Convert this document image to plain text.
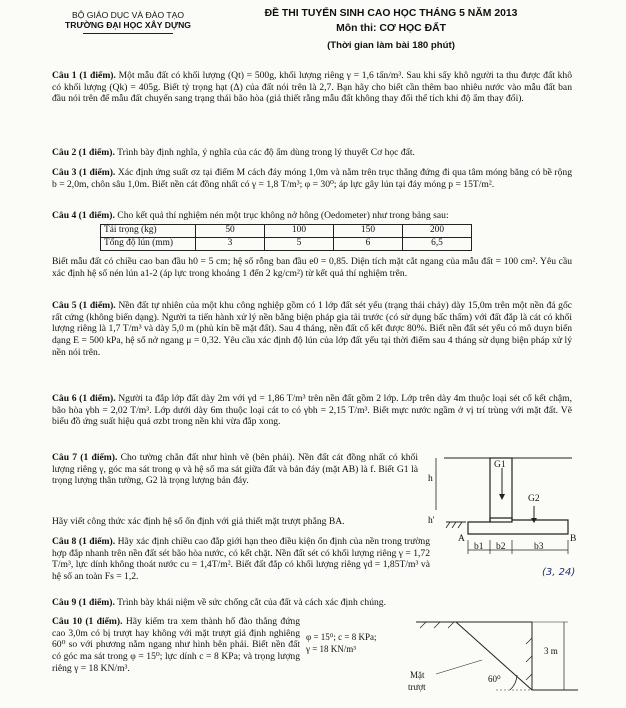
BỘ GIÁO DỤC VÀ ĐÀO TẠO
TRƯỜNG ĐẠI HỌC XÂY DỰNG
ĐỀ THI TUYỂN SINH CAO HỌC THÁNG 5 NĂM 2013
Môn thi: CƠ HỌC ĐẤT
(Thời gian làm bài 180 phút)
Câu 1 (1 điểm). Một mẫu đất có khối lượng (Qt) = 500g, khối lượng riêng γ = 1,6 tấn/m³. Sau khi sấy khô người ta thu được đất khô có khối lượng (Qk) = 405g. Biết tỷ trọng hạt (Δ) của đất nói trên là 2,7. Bạn hãy cho biết cần thêm bao nhiêu nước vào mẫu đất ban đầu nói trên để mẫu đất chuyển sang trạng thái bão hòa (giả thiết rằng mẫu đất không thay đổi thể tích khi độ ẩm thay đổi).
Câu 2 (1 điểm). Trình bày định nghĩa, ý nghĩa của các độ ẩm dùng trong lý thuyết Cơ học đất.
Câu 3 (1 điểm). Xác định ứng suất σz tại điểm M cách đáy móng 1,0m và nằm trên trục thẳng đứng đi qua tâm móng băng có bề rộng b = 2,0m, chôn sâu 1,0m. Biết nền cát đồng nhất có γ = 1,8 T/m³; φ = 30⁰; áp lực gây lún tại đáy móng p = 15T/m².
Câu 4 (1 điểm). Cho kết quả thí nghiệm nén một trục không nở hông (Oedometer) như trong bảng sau:
Tải trọng (kg)	50	100	150	200
Tổng độ lún (mm)	3	5	6	6,5
Biết mẫu đất có chiều cao ban đầu h0 = 5 cm; hệ số rỗng ban đầu e0 = 0,85. Diện tích mặt cắt ngang của mẫu đất = 100 cm². Yêu cầu xác định hệ số nén lún a1-2 (áp lực trong khoảng 1 đến 2 kg/cm²) từ kết quả thí nghiệm trên.
Câu 5 (1 điểm). Nền đất tự nhiên của một khu công nghiệp gồm có 1 lớp đất sét yếu (trạng thái chảy) dày 15,0m trên một nền đá gốc rất cứng (không biến dạng). Người ta tiến hành xử lý nền bằng biện pháp gia tải trước (có sử dụng bấc thấm) với đất đắp là cát có khối lượng riêng là 1,7 T/m³ và dày 5,0 m (phủ kín bề mặt đất). Sau 4 tháng, nền đất cố kết được 80%. Biết nền đất sét yếu có mô duyn biến dạng E = 500 kPa, hệ số nở ngang μ = 0,32. Yêu cầu xác định độ lún của lớp đất yếu tại thời điểm sau 4 tháng sử dụng biện pháp xử lý nền nói trên.
Câu 6 (1 điểm). Người ta đắp lớp đất dày 2m với γd = 1,86 T/m³ trên nền đất gồm 2 lớp. Lớp trên dày 4m thuộc loại sét cố kết chậm, bão hòa γbh = 2,02 T/m³. Lớp dưới dày 6m thuộc loại cát to có γbh = 2,15 T/m³. Biết mực nước ngầm ở vị trí trùng với mặt đất. Vẽ biểu đồ ứng suất hiệu quả σzbt trong nền khi vừa đắp xong.
Câu 7 (1 điểm). Cho tường chắn đất như hình vẽ (bên phải). Nền đất cát đồng nhất có khối lượng riêng γ, góc ma sát trong φ và hệ số ma sát giữa đất và bản đáy (mặt AB) là f. Biết G1 là trọng lượng thân tường, G2 là trọng lượng bản đáy.
Hãy viết công thức xác định hệ số ổn định với giả thiết mặt trượt phẳng BA.
Câu 8 (1 điểm). Hãy xác định chiều cao đắp giới hạn theo điều kiện ổn định của nền trong trường hợp đắp nhanh trên nền đất sét bão hòa nước, có kết chặt. Nền đất sét có khối lượng riêng γ = 1,72 T/m³, lực dính không thoát nước cu = 1,4T/m². Biết đất đắp có khối lượng riêng γd = 1,85T/m³ và hệ số an toàn Fs = 1,2.
Câu 9 (1 điểm). Trình bày khái niệm về sức chống cắt của đất và cách xác định chúng.
Câu 10 (1 điểm). Hãy kiểm tra xem thành hố đào thẳng đứng cao 3,0m có bị trượt hay không với mặt trượt giả định nghiêng 60⁰ so với phương nằm ngang như hình bên phải. Biết nền đất có góc ma sát trong φ = 15⁰; lực dính c = 8 KPa; và trọng lượng riêng γ = 18 KN/m³.
h
h'
G1
G2
A	B
b1 b2	b3
(3, 24)
φ = 15⁰; c = 8 KPa;
γ = 18 KN/m³
Mặt
trượt
60⁰
3 m
